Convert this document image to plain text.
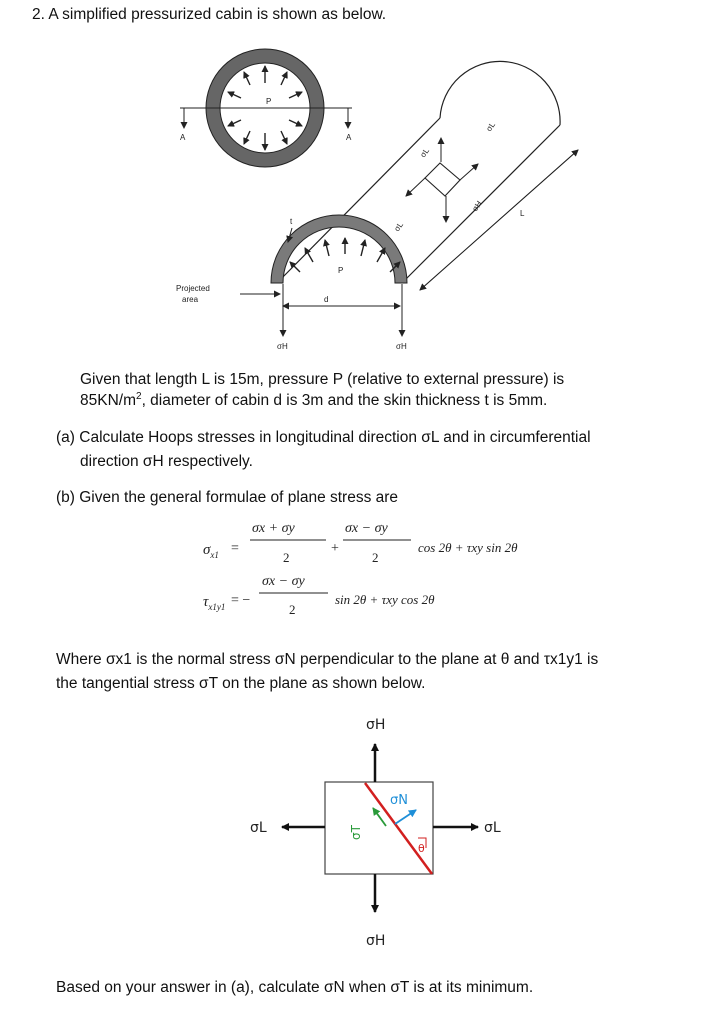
2. A simplified pressurized cabin is shown as below.
P
A	A
L
σL
σL
σL
σH
P
t
Projected
area	d
σH	σH
Given that length L is 15m, pressure P (relative to external pressure) is
$85KN/m^2$, diameter of cabin d is 3m and the skin thickness t is 5mm.
(a) Calculate Hoops stresses in longitudinal direction σL and in circumferential
direction σH respectively.
(b) Given the general formulae of plane stress are
$\sigma_{x1}$ =
σx + σy
2
+
σx − σy
2
cos 2θ + τxy sin 2θ
$\tau_{x1y1}$ = −
σx − σy
2
sin 2θ + τxy cos 2θ
Where σx1 is the normal stress σN perpendicular to the plane at θ and τx1y1 is
the tangential stress σT on the plane as shown below.
σN
σT
θ
σH
σH
σL	σL
Based on your answer in (a), calculate σN when σT is at its minimum.
